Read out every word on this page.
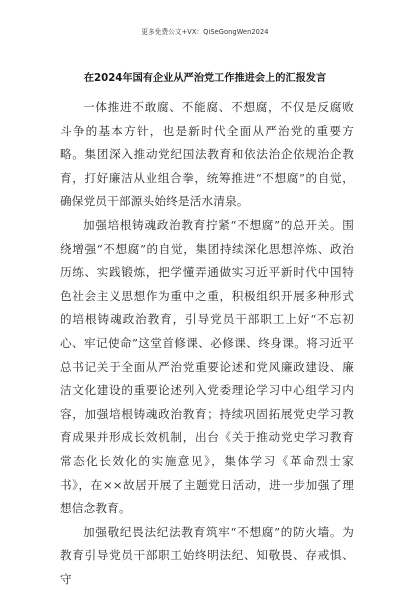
更多免费公文+VX：QiSeGongWen2024
在2024年国有企业从严治党工作推进会上的汇报发言

一体推进不敢腐、不能腐、不想腐，不仅是反腐败斗争的基本方针，也是新时代全面从严治党的重要方略。集团深入推动党纪国法教育和依法治企依规治企教育，打好廉洁从业组合拳，统筹推进“不想腐”的自觉，确保党员干部源头始终是活水清泉。

加强培根铸魂政治教育拧紧“不想腐”的总开关。围绕增强“不想腐”的自觉，集团持续深化思想淬炼、政治历练、实践锻炼，把学懂弄通做实习近平新时代中国特色社会主义思想作为重中之重，积极组织开展多种形式的培根铸魂政治教育，引导党员干部职工上好“不忘初心、牢记使命”这堂首修课、必修课、终身课。将习近平总书记关于全面从严治党重要论述和党风廉政建设、廉洁文化建设的重要论述列入党委理论学习中心组学习内容，加强培根铸魂政治教育；持续巩固拓展党史学习教育成果并形成长效机制，出台《关于推动党史学习教育常态化长效化的实施意见》，集体学习《革命烈士家书》，在××故居开展了主题党日活动，进一步加强了理想信念教育。

加强敬纪畏法纪法教育筑牢“不想腐”的防火墙。为教育引导党员干部职工始终明法纪、知敬畏、存戒惧、守
